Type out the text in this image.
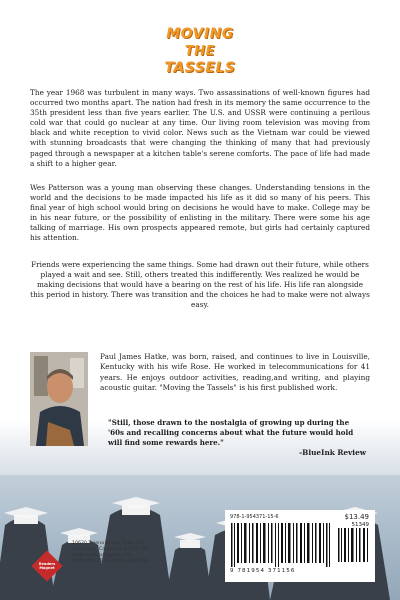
MOVING
THE
TASSELS
The year 1968 was turbulent in many ways. Two assassinations of well-known figures had occurred two months apart. The nation had fresh in its memory the same occurrence to the 35th president less than five years earlier. The U.S. and USSR were continuing a perilous cold war that could go nuclear at any time. Our living room television was moving from black and white reception to vivid color. News such as the Vietnam war could be viewed with stunning broadcasts that were changing the thinking of many that had previously paged through a newspaper at a kitchen table's serene comforts. The pace of life had made a shift to a higher gear.
Wes Patterson was a young man observing these changes. Understanding tensions in the world and the decisions to be made impacted his life as it did so many of his peers. This final year of high school would bring on decisions he would have to make. College may be in his near future, or the possibility of enlisting in the military. There were some his age talking of marriage. His own prospects appeared remote, but girls had certainly captured his attention.
Friends were experiencing the same things. Some had drawn out their future, while others played a wait and see. Still, others treated this indifferently. Wes realized he would be making decisions that would have a bearing on the rest of his life. His life ran alongside this period in history. There was transition and the choices he had to make were not always easy.
Paul James Hatke, was born, raised, and continues to live in Louisville, Kentucky with his wife Rose. He worked in telecommunications for 41 years. He enjoys outdoor activities, reading,and writing, and playing acoustic guitar. "Moving the Tassels" is his first published work.
"Still, those drawn to the nostalgia of growing up during the '60s and recalling concerns about what the future would hold will find some rewards here."
-BlueInk Review
Readers
Magnet
10620 Treena Street, Suite 230
San Diego, California, 92131 USA
www.readersmagnet.com
(619) 354 2643 | (800) 805 0762
978-1-954371-15-6	$13.49
51349
9 781954 371156
